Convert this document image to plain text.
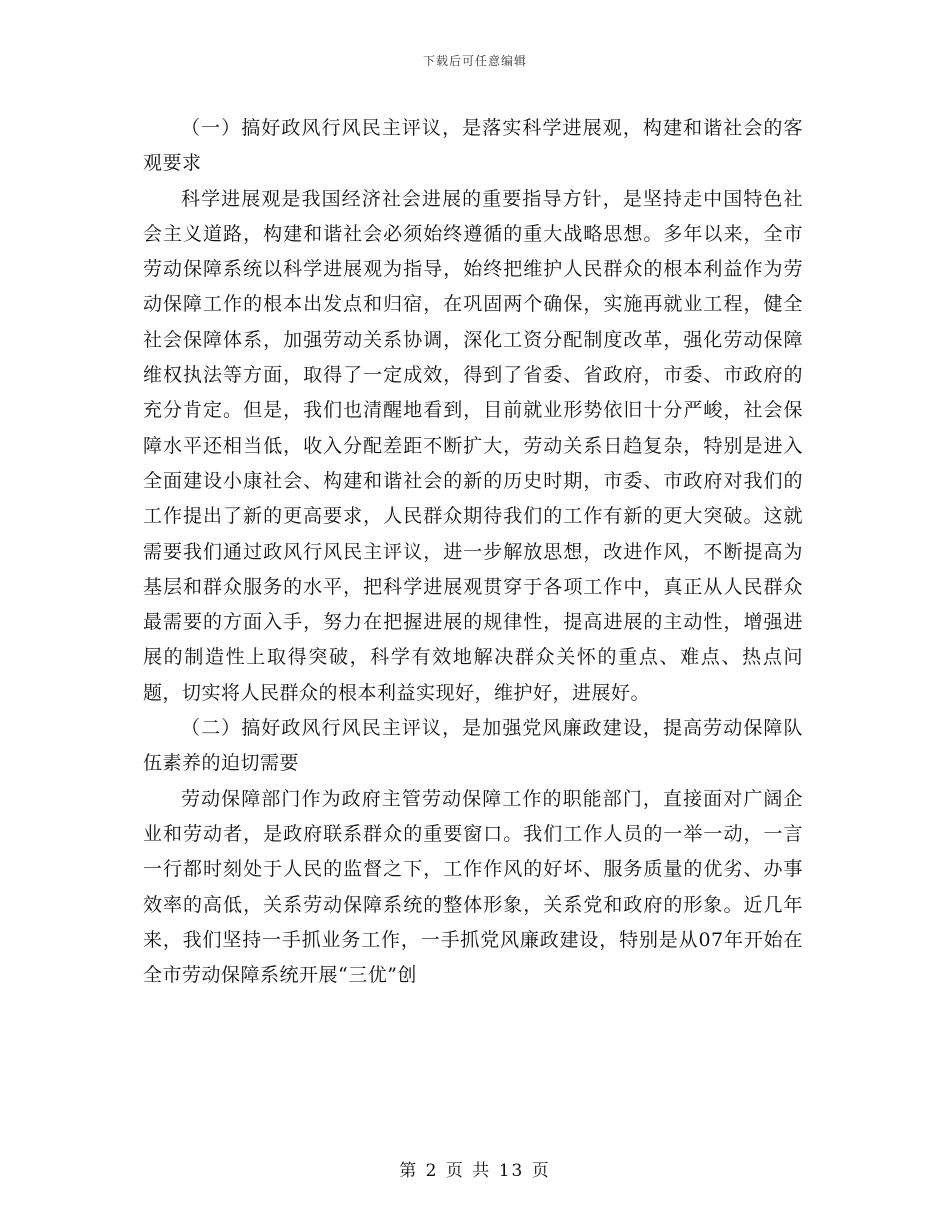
下载后可任意编辑

（一）搞好政风行风民主评议，是落实科学进展观，构建和谐社会的客观要求

科学进展观是我国经济社会进展的重要指导方针，是坚持走中国特色社会主义道路，构建和谐社会必须始终遵循的重大战略思想。多年以来，全市劳动保障系统以科学进展观为指导，始终把维护人民群众的根本利益作为劳动保障工作的根本出发点和归宿，在巩固两个确保，实施再就业工程，健全社会保障体系，加强劳动关系协调，深化工资分配制度改革，强化劳动保障维权执法等方面，取得了一定成效，得到了省委、省政府，市委、市政府的充分肯定。但是，我们也清醒地看到，目前就业形势依旧十分严峻，社会保障水平还相当低，收入分配差距不断扩大，劳动关系日趋复杂，特别是进入全面建设小康社会、构建和谐社会的新的历史时期，市委、市政府对我们的工作提出了新的更高要求，人民群众期待我们的工作有新的更大突破。这就需要我们通过政风行风民主评议，进一步解放思想，改进作风，不断提高为基层和群众服务的水平，把科学进展观贯穿于各项工作中，真正从人民群众最需要的方面入手，努力在把握进展的规律性，提高进展的主动性，增强进展的制造性上取得突破，科学有效地解决群众关怀的重点、难点、热点问题，切实将人民群众的根本利益实现好，维护好，进展好。

（二）搞好政风行风民主评议，是加强党风廉政建设，提高劳动保障队伍素养的迫切需要

劳动保障部门作为政府主管劳动保障工作的职能部门，直接面对广阔企业和劳动者，是政府联系群众的重要窗口。我们工作人员的一举一动，一言一行都时刻处于人民的监督之下，工作作风的好坏、服务质量的优劣、办事效率的高低，关系劳动保障系统的整体形象，关系党和政府的形象。近几年来，我们坚持一手抓业务工作，一手抓党风廉政建设，特别是从07年开始在全市劳动保障系统开展“三优”创

第 2 页 共 13 页
